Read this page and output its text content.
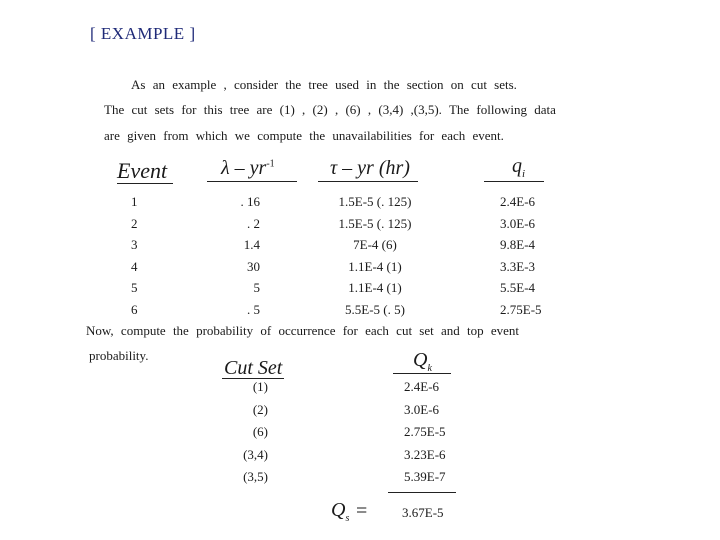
[ EXAMPLE ]
As an example , consider the tree used in the section on cut sets.
The cut sets for this tree are (1) , (2) , (6) , (3,4) ,(3,5). The following data
are given from which we compute the unavailabilities for each event.
Event	λ – $yr^{-1}$	τ – yr (hr)	$q_i$
1	. 16	1.5E-5 (. 125)	2.4E-6
2	. 2	1.5E-5 (. 125)	3.0E-6
3	1.4	7E-4 (6)	9.8E-4
4	30	1.1E-4 (1)	3.3E-3
5	5	1.1E-4 (1)	5.5E-4
6	. 5	5.5E-5 (. 5)	2.75E-5
Now, compute the probability of occurrence for each cut set and top event
probability.
Cut Set	$Q_k$
(1)	2.4E-6
(2)	3.0E-6
(6)	2.75E-5
(3,4)	3.23E-6
(3,5)	5.39E-7
$Q_s$ =	3.67E-5
